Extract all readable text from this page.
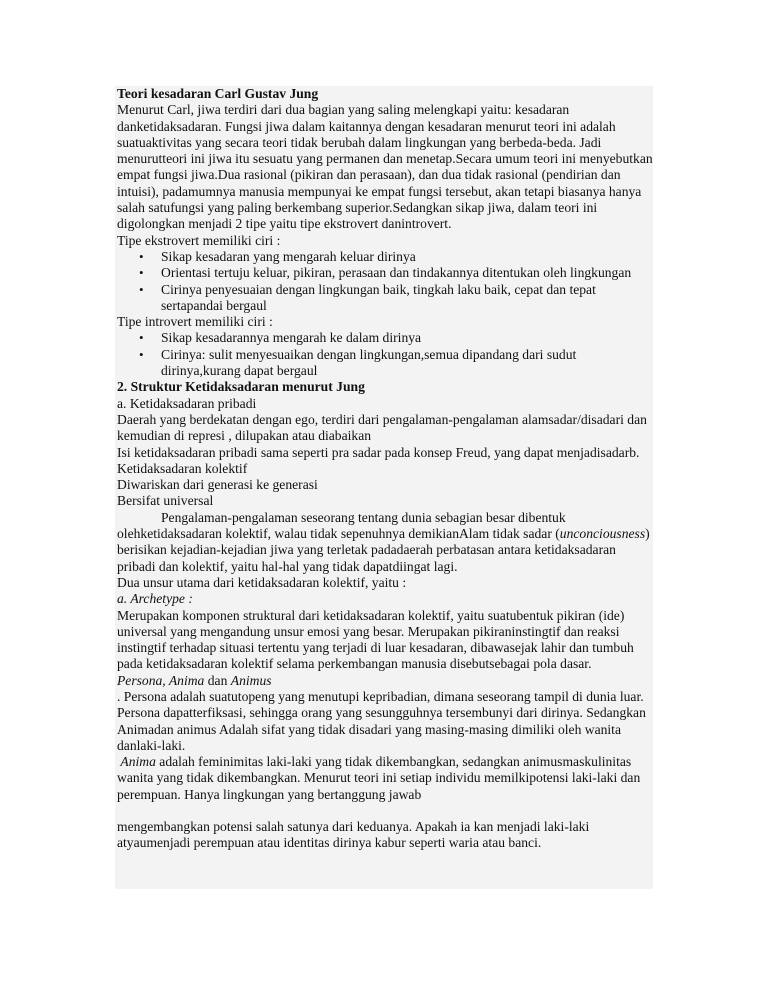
Teori kesadaran Carl Gustav Jung

Menurut Carl, jiwa terdiri dari dua bagian yang saling melengkapi yaitu: kesadaran danketidaksadaran. Fungsi jiwa dalam kaitannya dengan kesadaran menurut teori ini adalah suatuaktivitas yang secara teori tidak berubah dalam lingkungan yang berbeda-beda. Jadi menurutteori ini jiwa itu sesuatu yang permanen dan menetap.Secara umum teori ini menyebutkan empat fungsi jiwa.Dua rasional (pikiran dan perasaan), dan dua tidak rasional (pendirian dan intuisi), padamumnya manusia mempunyai ke empat fungsi tersebut, akan tetapi biasanya hanya salah satufungsi yang paling berkembang superior.Sedangkan sikap jiwa, dalam teori ini digolongkan menjadi 2 tipe yaitu tipe ekstrovert danintrovert.

Tipe ekstrovert memiliki ciri :

• Sikap kesadaran yang mengarah keluar dirinya
• Orientasi tertuju keluar, pikiran, perasaan dan tindakannya ditentukan oleh lingkungan
• Cirinya penyesuaian dengan lingkungan baik, tingkah laku baik, cepat dan tepat sertapandai bergaul

Tipe introvert memiliki ciri :

• Sikap kesadarannya mengarah ke dalam dirinya
• Cirinya: sulit menyesuaikan dengan lingkungan,semua dipandang dari sudut dirinya,kurang dapat bergaul

2. Struktur Ketidaksadaran menurut Jung

a. Ketidaksadaran pribadi

Daerah yang berdekatan dengan ego, terdiri dari pengalaman-pengalaman alamsadar/disadari dan kemudian di represi , dilupakan atau diabaikan

Isi ketidaksadaran pribadi sama seperti pra sadar pada konsep Freud, yang dapat menjadisadarb. Ketidaksadaran kolektif

Diwariskan dari generasi ke generasi

Bersifat universal

Pengalaman-pengalaman seseorang tentang dunia sebagian besar dibentuk olehketidaksadaran kolektif, walau tidak sepenuhnya demikianAlam tidak sadar (unconciousness) berisikan kejadian-kejadian jiwa yang terletak padadaerah perbatasan antara ketidaksadaran pribadi dan kolektif, yaitu hal-hal yang tidak dapatdiingat lagi.

Dua unsur utama dari ketidaksadaran kolektif, yaitu :

a. Archetype :

Merupakan komponen struktural dari ketidaksadaran kolektif, yaitu suatubentuk pikiran (ide) universal yang mengandung unsur emosi yang besar. Merupakan pikiraninstingtif dan reaksi instingtif terhadap situasi tertentu yang terjadi di luar kesadaran, dibawasejak lahir dan tumbuh pada ketidaksadaran kolektif selama perkembangan manusia disebutsebagai pola dasar.

Persona, Anima dan Animus

. Persona adalah suatutopeng yang menutupi kepribadian, dimana seseorang tampil di dunia luar. Persona dapatterfiksasi, sehingga orang yang sesungguhnya tersembunyi dari dirinya. Sedangkan Animadan animus Adalah sifat yang tidak disadari yang masing-masing dimiliki oleh wanita danlaki-laki.

Anima adalah feminimitas laki-laki yang tidak dikembangkan, sedangkan animusmaskulinitas wanita yang tidak dikembangkan. Menurut teori ini setiap individu memilkipotensi laki-laki dan perempuan. Hanya lingkungan yang bertanggung jawab

mengembangkan potensi salah satunya dari keduanya. Apakah ia kan menjadi laki-laki atyaumenjadi perempuan atau identitas dirinya kabur seperti waria atau banci.
